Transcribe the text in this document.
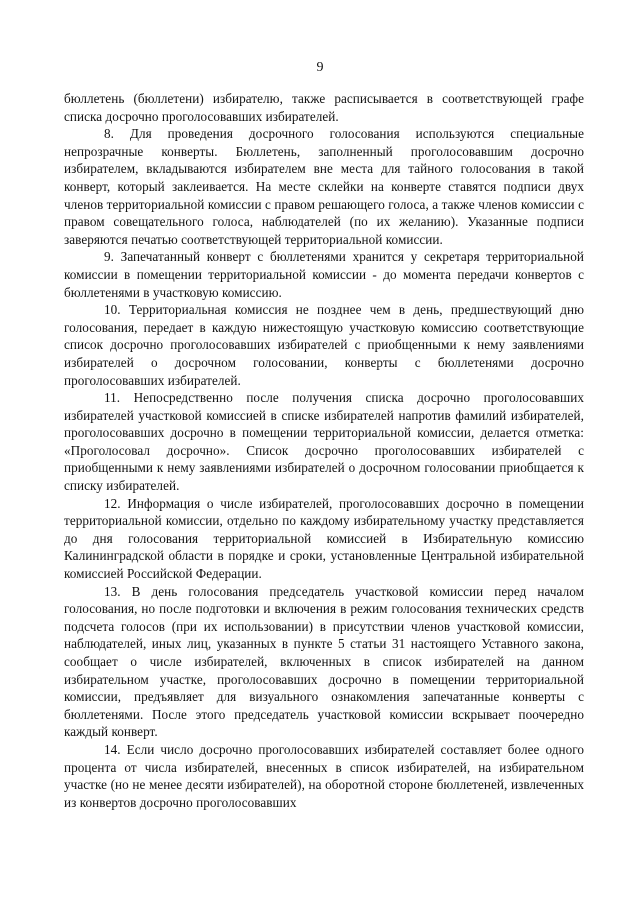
9

бюллетень (бюллетени) избирателю, также расписывается в соответствующей графе списка досрочно проголосовавших избирателей.

8. Для проведения досрочного голосования используются специальные непрозрачные конверты. Бюллетень, заполненный проголосовавшим досрочно избирателем, вкладываются избирателем вне места для тайного голосования в такой конверт, который заклеивается. На месте склейки на конверте ставятся подписи двух членов территориальной комиссии с правом решающего голоса, а также членов комиссии с правом совещательного голоса, наблюдателей (по их желанию). Указанные подписи заверяются печатью соответствующей территориальной комиссии.

9. Запечатанный конверт с бюллетенями хранится у секретаря территориальной комиссии в помещении территориальной комиссии - до момента передачи конвертов с бюллетенями в участковую комиссию.

10. Территориальная комиссия не позднее чем в день, предшествующий дню голосования, передает в каждую нижестоящую участковую комиссию соответствующие список досрочно проголосовавших избирателей с приобщенными к нему заявлениями избирателей о досрочном голосовании, конверты с бюллетенями досрочно проголосовавших избирателей.

11. Непосредственно после получения списка досрочно проголосовавших избирателей участковой комиссией в списке избирателей напротив фамилий избирателей, проголосовавших досрочно в помещении территориальной комиссии, делается отметка: «Проголосовал досрочно». Список досрочно проголосовавших избирателей с приобщенными к нему заявлениями избирателей о досрочном голосовании приобщается к списку избирателей.

12. Информация о числе избирателей, проголосовавших досрочно в помещении территориальной комиссии, отдельно по каждому избирательному участку представляется до дня голосования территориальной комиссией в Избирательную комиссию Калининградской области в порядке и сроки, установленные Центральной избирательной комиссией Российской Федерации.

13. В день голосования председатель участковой комиссии перед началом голосования, но после подготовки и включения в режим голосования технических средств подсчета голосов (при их использовании) в присутствии членов участковой комиссии, наблюдателей, иных лиц, указанных в пункте 5 статьи 31 настоящего Уставного закона, сообщает о числе избирателей, включенных в список избирателей на данном избирательном участке, проголосовавших досрочно в помещении территориальной комиссии, предъявляет для визуального ознакомления запечатанные конверты с бюллетенями. После этого председатель участковой комиссии вскрывает поочередно каждый конверт.

14. Если число досрочно проголосовавших избирателей составляет более одного процента от числа избирателей, внесенных в список избирателей, на избирательном участке (но не менее десяти избирателей), на оборотной стороне бюллетеней, извлеченных из конвертов досрочно проголосовавших
